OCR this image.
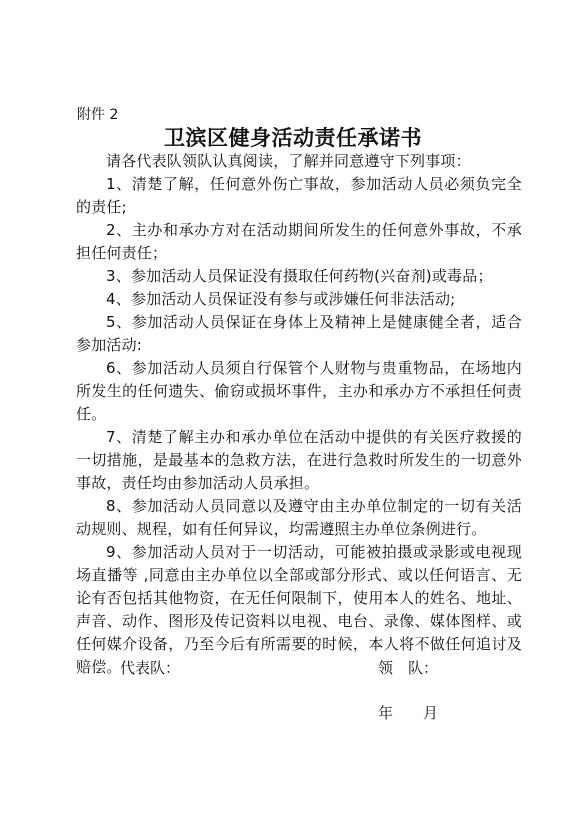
附件 2
卫滨区健身活动责任承诺书

请各代表队领队认真阅读，了解并同意遵守下列事项：

1、清楚了解，任何意外伤亡事故，参加活动人员必须负完全的责任;

2、主办和承办方对在活动期间所发生的任何意外事故，不承担任何责任；

3、参加活动人员保证没有摄取任何药物(兴奋剂)或毒品；

4、参加活动人员保证没有参与或涉嫌任何非法活动;

5、参加活动人员保证在身体上及精神上是健康健全者，适合参加活动:

6、参加活动人员须自行保管个人财物与贵重物品，在场地内所发生的任何遗失、偷窃或损坏事件，主办和承办方不承担任何责任。

7、清楚了解主办和承办单位在活动中提供的有关医疗救援的一切措施，是最基本的急救方法，在进行急救时所发生的一切意外事故，责任均由参加活动人员承担。

8、参加活动人员同意以及遵守由主办单位制定的一切有关活动规则、规程，如有任何异议，均需遵照主办单位条例进行。

9、参加活动人员对于一切活动，可能被拍摄或录影或电视现场直播等 ,同意由主办单位以全部或部分形式、或以任何语言、无论有否包括其他物资，在无任何限制下，使用本人的姓名、地址、声音、动作、图形及传记资料以电视、电台、录像、媒体图样、或任何媒介设备，乃至今后有所需要的时候，本人将不做任何追讨及赔偿。

代表队：	领　队：
年　　月
